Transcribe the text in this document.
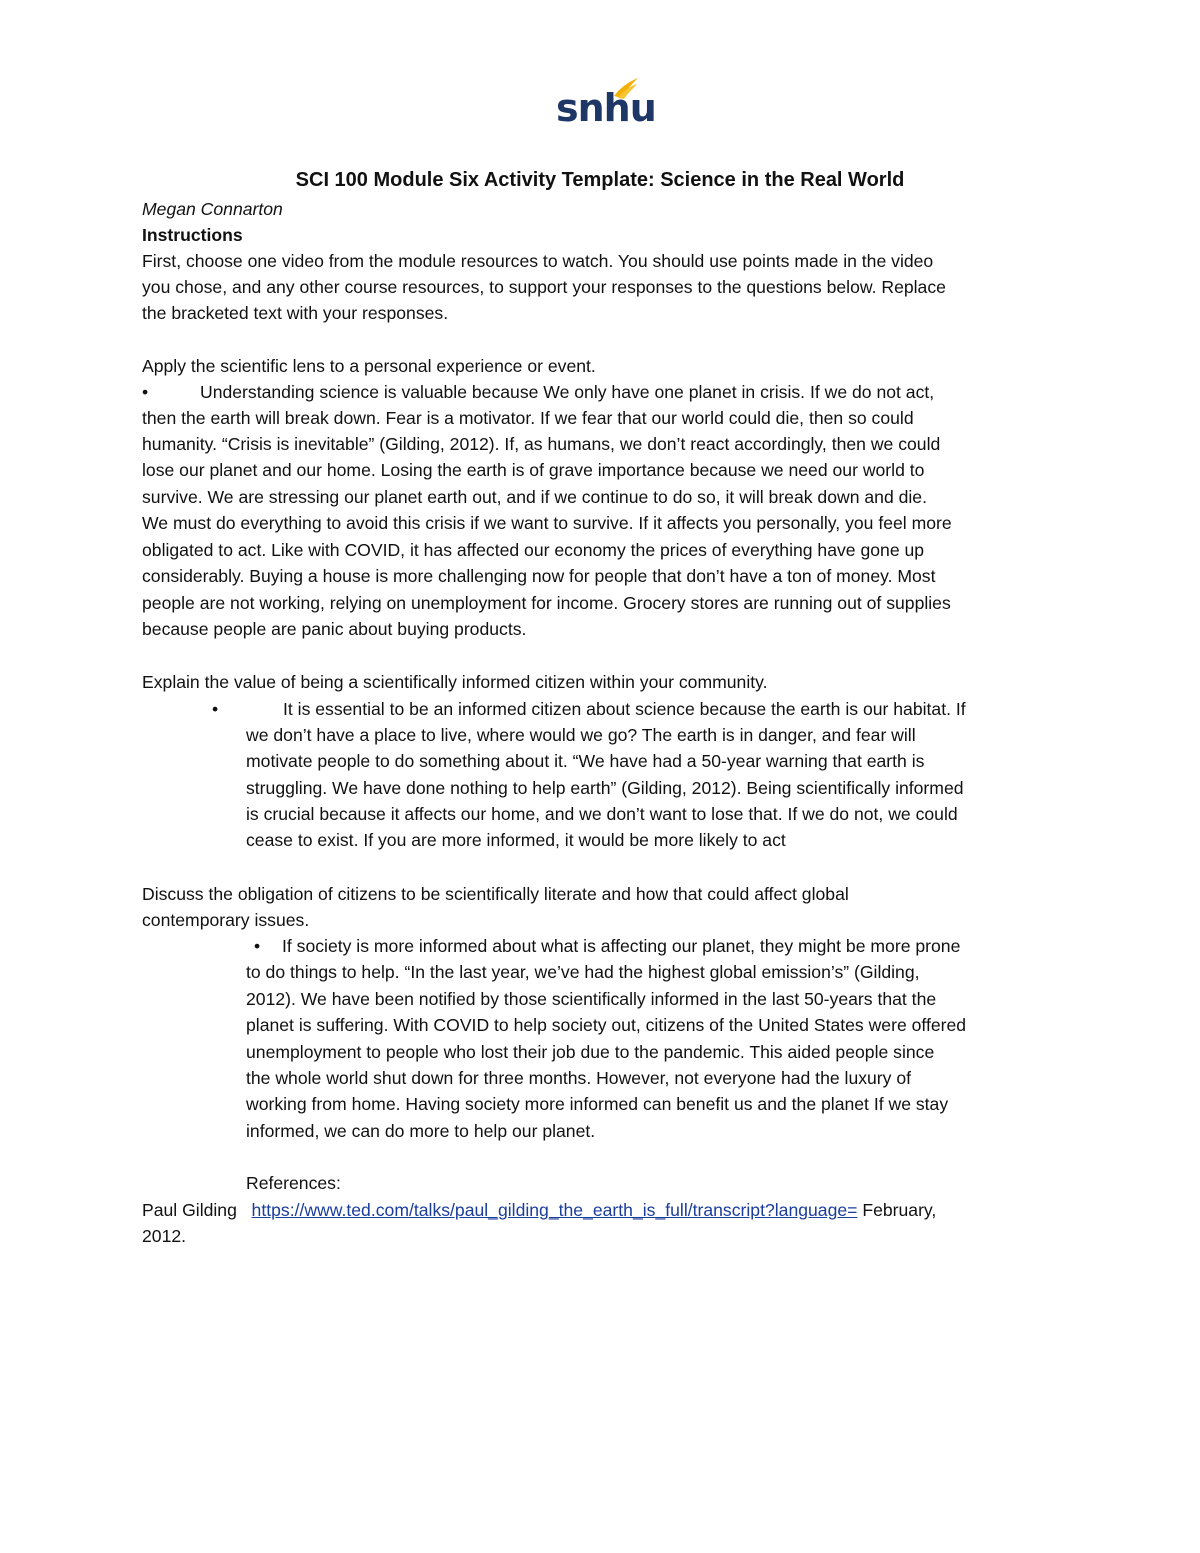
snhu
SCI 100 Module Six Activity Template: Science in the Real World
Megan Connarton
Instructions
First, choose one video from the module resources to watch. You should use points made in the video
you chose, and any other course resources, to support your responses to the questions below. Replace
the bracketed text with your responses.
Apply the scientific lens to a personal experience or event.
•	Understanding science is valuable because We only have one planet in crisis. If we do not act,
then the earth will break down. Fear is a motivator. If we fear that our world could die, then so could
humanity. “Crisis is inevitable” (Gilding, 2012). If, as humans, we don’t react accordingly, then we could
lose our planet and our home. Losing the earth is of grave importance because we need our world to
survive. We are stressing our planet earth out, and if we continue to do so, it will break down and die.
We must do everything to avoid this crisis if we want to survive. If it affects you personally, you feel more
obligated to act. Like with COVID, it has affected our economy the prices of everything have gone up
considerably. Buying a house is more challenging now for people that don’t have a ton of money. Most
people are not working, relying on unemployment for income. Grocery stores are running out of supplies
because people are panic about buying products.
Explain the value of being a scientifically informed citizen within your community.
•	It is essential to be an informed citizen about science because the earth is our habitat. If
we don’t have a place to live, where would we go? The earth is in danger, and fear will
motivate people to do something about it. “We have had a 50-year warning that earth is
struggling. We have done nothing to help earth” (Gilding, 2012). Being scientifically informed
is crucial because it affects our home, and we don’t want to lose that. If we do not, we could
cease to exist. If you are more informed, it would be more likely to act
Discuss the obligation of citizens to be scientifically literate and how that could affect global
contemporary issues.
• If society is more informed about what is affecting our planet, they might be more prone
to do things to help. “In the last year, we’ve had the highest global emission’s” (Gilding,
2012). We have been notified by those scientifically informed in the last 50-years that the
planet is suffering. With COVID to help society out, citizens of the United States were offered
unemployment to people who lost their job due to the pandemic. This aided people since
the whole world shut down for three months. However, not everyone had the luxury of
working from home. Having society more informed can benefit us and the planet If we stay
informed, we can do more to help our planet.
References:
Paul Gilding https://www.ted.com/talks/paul_gilding_the_earth_is_full/transcript?language= February,
2012.
